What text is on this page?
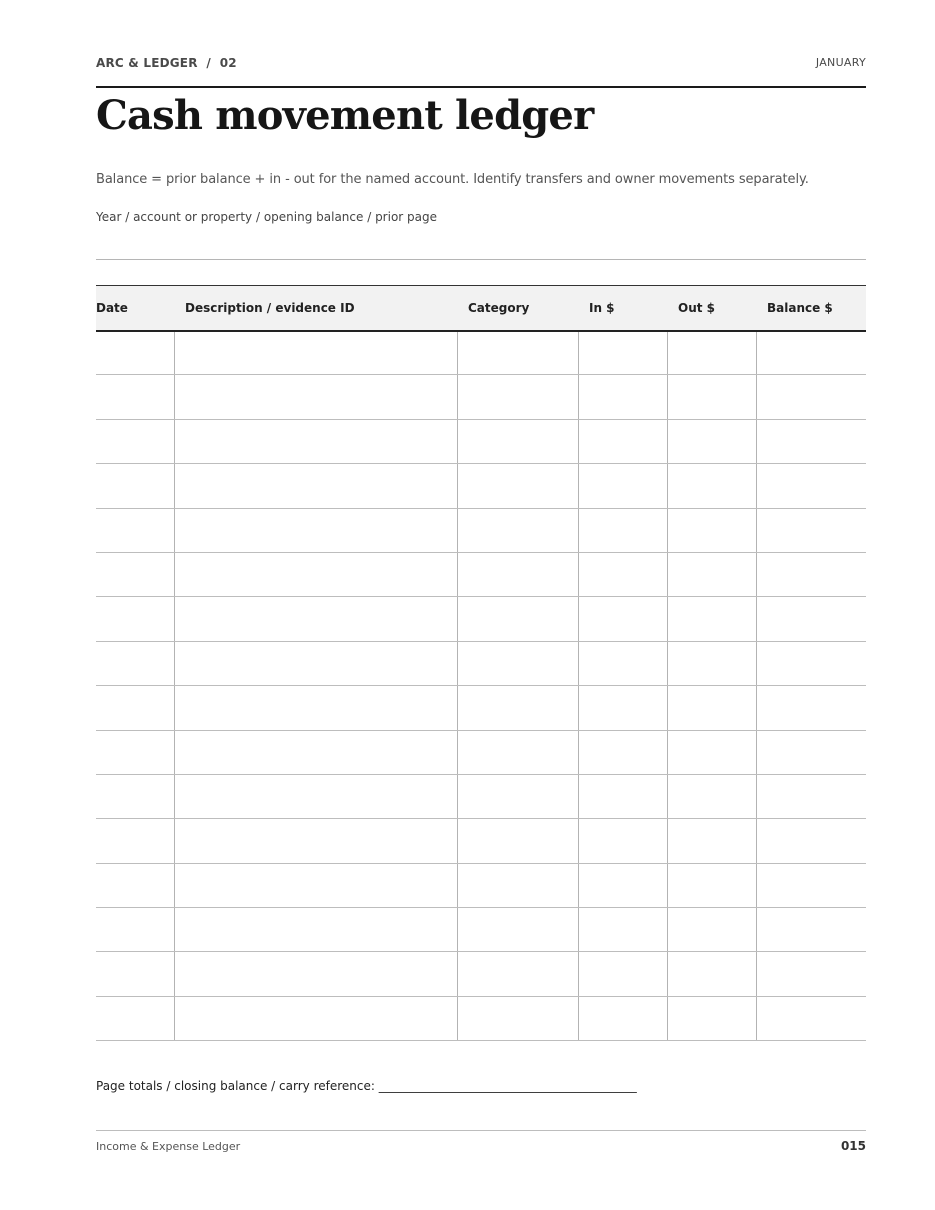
ARC & LEDGER  /  02	JANUARY
Cash movement ledger

Balance = prior balance + in - out for the named account. Identify transfers and owner movements separately.

Year / account or property / opening balance / prior page

Date	Description / evidence ID	Category	In $	Out $	Balance $

Page totals / closing balance / carry reference: ___________________________________________

Income & Expense Ledger	015
